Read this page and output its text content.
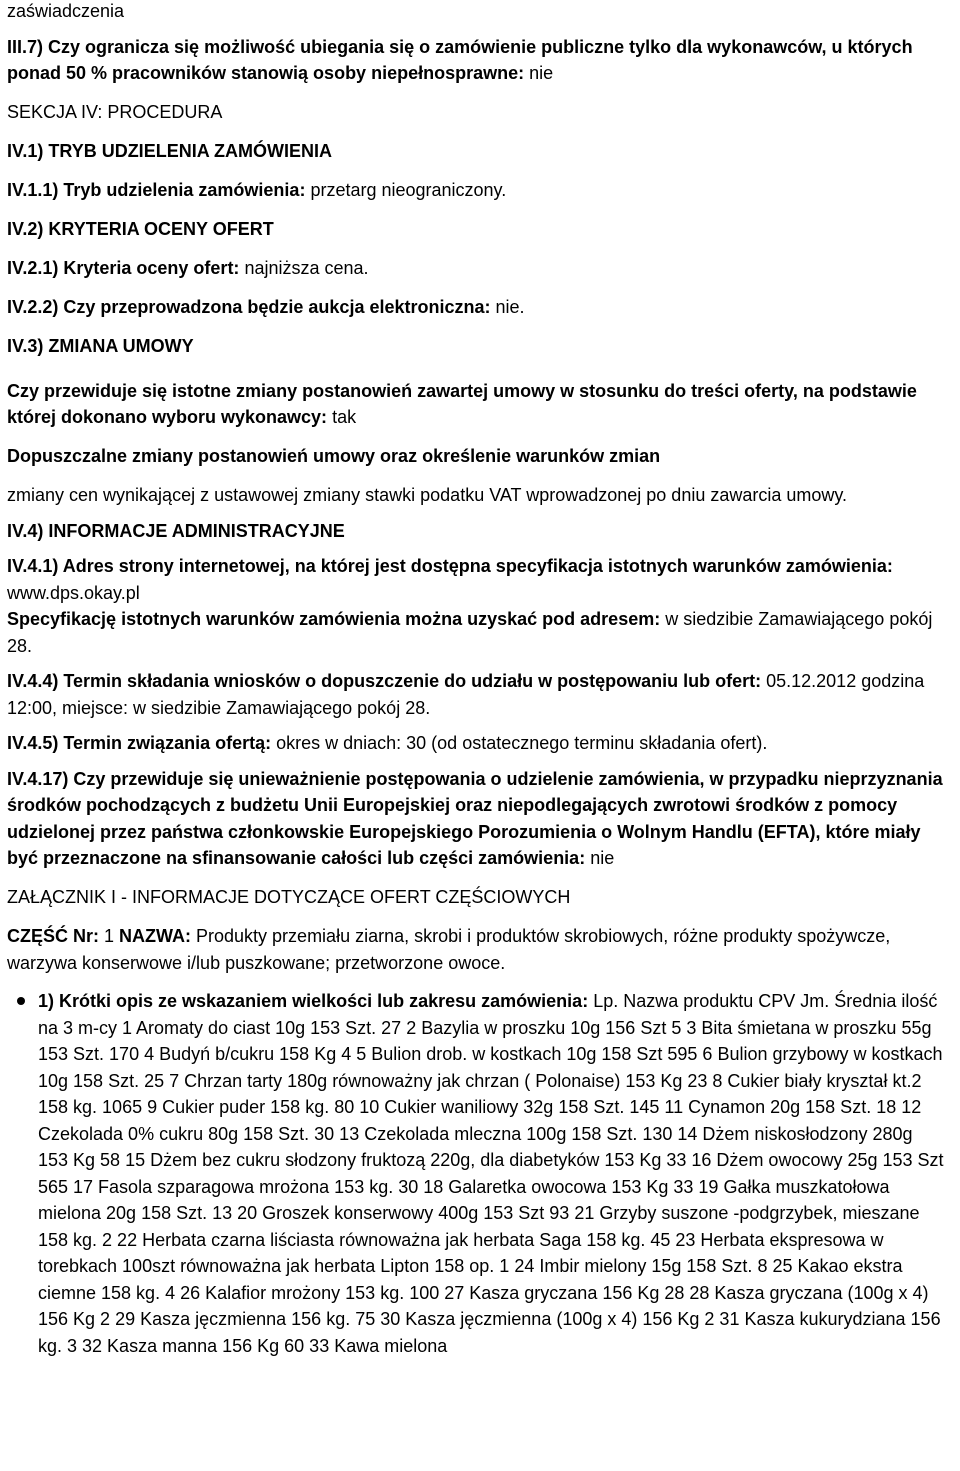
zaświadczenia

III.7) Czy ogranicza się możliwość ubiegania się o zamówienie publiczne tylko dla wykonawców, u których ponad 50 % pracowników stanowią osoby niepełnosprawne: nie

SEKCJA IV: PROCEDURA

IV.1) TRYB UDZIELENIA ZAMÓWIENIA

IV.1.1) Tryb udzielenia zamówienia: przetarg nieograniczony.

IV.2) KRYTERIA OCENY OFERT

IV.2.1) Kryteria oceny ofert: najniższa cena.

IV.2.2) Czy przeprowadzona będzie aukcja elektroniczna: nie.

IV.3) ZMIANA UMOWY

Czy przewiduje się istotne zmiany postanowień zawartej umowy w stosunku do treści oferty, na podstawie której dokonano wyboru wykonawcy: tak

Dopuszczalne zmiany postanowień umowy oraz określenie warunków zmian

zmiany cen wynikającej z ustawowej zmiany stawki podatku VAT wprowadzonej po dniu zawarcia umowy.

IV.4) INFORMACJE ADMINISTRACYJNE

IV.4.1) Adres strony internetowej, na której jest dostępna specyfikacja istotnych warunków zamówienia: www.dps.okay.pl

Specyfikację istotnych warunków zamówienia można uzyskać pod adresem: w siedzibie Zamawiającego pokój 28.

IV.4.4) Termin składania wniosków o dopuszczenie do udziału w postępowaniu lub ofert: 05.12.2012 godzina 12:00, miejsce: w siedzibie Zamawiającego pokój 28.

IV.4.5) Termin związania ofertą: okres w dniach: 30 (od ostatecznego terminu składania ofert).

IV.4.17) Czy przewiduje się unieważnienie postępowania o udzielenie zamówienia, w przypadku nieprzyznania środków pochodzących z budżetu Unii Europejskiej oraz niepodlegających zwrotowi środków z pomocy udzielonej przez państwa członkowskie Europejskiego Porozumienia o Wolnym Handlu (EFTA), które miały być przeznaczone na sfinansowanie całości lub części zamówienia: nie

ZAŁĄCZNIK I - INFORMACJE DOTYCZĄCE OFERT CZĘŚCIOWYCH

CZĘŚĆ Nr: 1 NAZWA: Produkty przemiału ziarna, skrobi i produktów skrobiowych, różne produkty spożywcze, warzywa konserwowe i/lub puszkowane; przetworzone owoce.

1) Krótki opis ze wskazaniem wielkości lub zakresu zamówienia: Lp. Nazwa produktu CPV Jm. Średnia ilość na 3 m-cy 1 Aromaty do ciast 10g 153 Szt. 27 2 Bazylia w proszku 10g 156 Szt 5 3 Bita śmietana w proszku 55g 153 Szt. 170 4 Budyń b/cukru 158 Kg 4 5 Bulion drob. w kostkach 10g 158 Szt 595 6 Bulion grzybowy w kostkach 10g 158 Szt. 25 7 Chrzan tarty 180g równoważny jak chrzan ( Polonaise) 153 Kg 23 8 Cukier biały kryształ kt.2 158 kg. 1065 9 Cukier puder 158 kg. 80 10 Cukier waniliowy 32g 158 Szt. 145 11 Cynamon 20g 158 Szt. 18 12 Czekolada 0% cukru 80g 158 Szt. 30 13 Czekolada mleczna 100g 158 Szt. 130 14 Dżem niskosłodzony 280g 153 Kg 58 15 Dżem bez cukru słodzony fruktozą 220g, dla diabetyków 153 Kg 33 16 Dżem owocowy 25g 153 Szt 565 17 Fasola szparagowa mrożona 153 kg. 30 18 Galaretka owocowa 153 Kg 33 19 Gałka muszkatołowa mielona 20g 158 Szt. 13 20 Groszek konserwowy 400g 153 Szt 93 21 Grzyby suszone -podgrzybek, mieszane 158 kg. 2 22 Herbata czarna liściasta równoważna jak herbata Saga 158 kg. 45 23 Herbata ekspresowa w torebkach 100szt równoważna jak herbata Lipton 158 op. 1 24 Imbir mielony 15g 158 Szt. 8 25 Kakao ekstra ciemne 158 kg. 4 26 Kalafior mrożony 153 kg. 100 27 Kasza gryczana 156 Kg 28 28 Kasza gryczana (100g x 4) 156 Kg 2 29 Kasza jęczmienna 156 kg. 75 30 Kasza jęczmienna (100g x 4) 156 Kg 2 31 Kasza kukurydziana 156 kg. 3 32 Kasza manna 156 Kg 60 33 Kawa mielona
